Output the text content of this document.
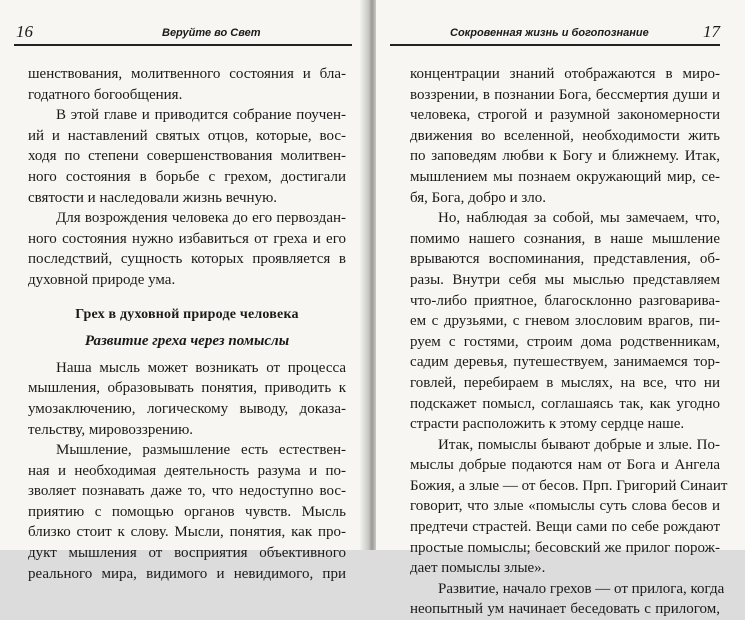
16	Веруйте во Свет
шенствования, молитвенного состояния и бла-
годатного богообщения.
В этой главе и приводится собрание поучен-
ий и наставлений святых отцов, которые, вос-
ходя по степени совершенствования молитвен-
ного состояния в борьбе с грехом, достигали
святости и наследовали жизнь вечную.
Для возрождения человека до его первоздан-
ного состояния нужно избавиться от греха и его
последствий, сущность которых проявляется в
духовной природе ума.
Грех в духовной природе человека
Развитие греха через помыслы
Наша мысль может возникать от процесса
мышления, образовывать понятия, приводить к
умозаключению, логическому выводу, доказа-
тельству, мировоззрению.
Мышление, размышление есть естествен-
ная и необходимая деятельность разума и по-
зволяет познавать даже то, что недоступно вос-
приятию с помощью органов чувств. Мысль
близко стоит к слову. Мысли, понятия, как про-
дукт мышления от восприятия объективного
реального мира, видимого и невидимого, при
Сокровенная жизнь и богопознание	17
концентрации знаний отображаются в миро-
воззрении, в познании Бога, бессмертия души и
человека, строгой и разумной закономерности
движения во вселенной, необходимости жить
по заповедям любви к Богу и ближнему. Итак,
мышлением мы познаем окружающий мир, се-
бя, Бога, добро и зло.
Но, наблюдая за собой, мы замечаем, что,
помимо нашего сознания, в наше мышление
врываются воспоминания, представления, об-
разы. Внутри себя мы мыслью представляем
что-либо приятное, благосклонно разговарива-
ем с друзьями, с гневом злословим врагов, пи-
руем с гостями, строим дома родственникам,
садим деревья, путешествуем, занимаемся тор-
говлей, перебираем в мыслях, на все, что ни
подскажет помысл, соглашаясь так, как угодно
страсти расположить к этому сердце наше.
Итак, помыслы бывают добрые и злые. По-
мыслы добрые подаются нам от Бога и Ангела
Божия, а злые — от бесов. Прп. Григорий Синаит
говорит, что злые «помыслы суть слова бесов и
предтечи страстей. Вещи сами по себе рождают
простые помыслы; бесовский же прилог порож-
дает помыслы злые».
Развитие, начало грехов — от прилога, когда
неопытный ум начинает беседовать с прилогом,
